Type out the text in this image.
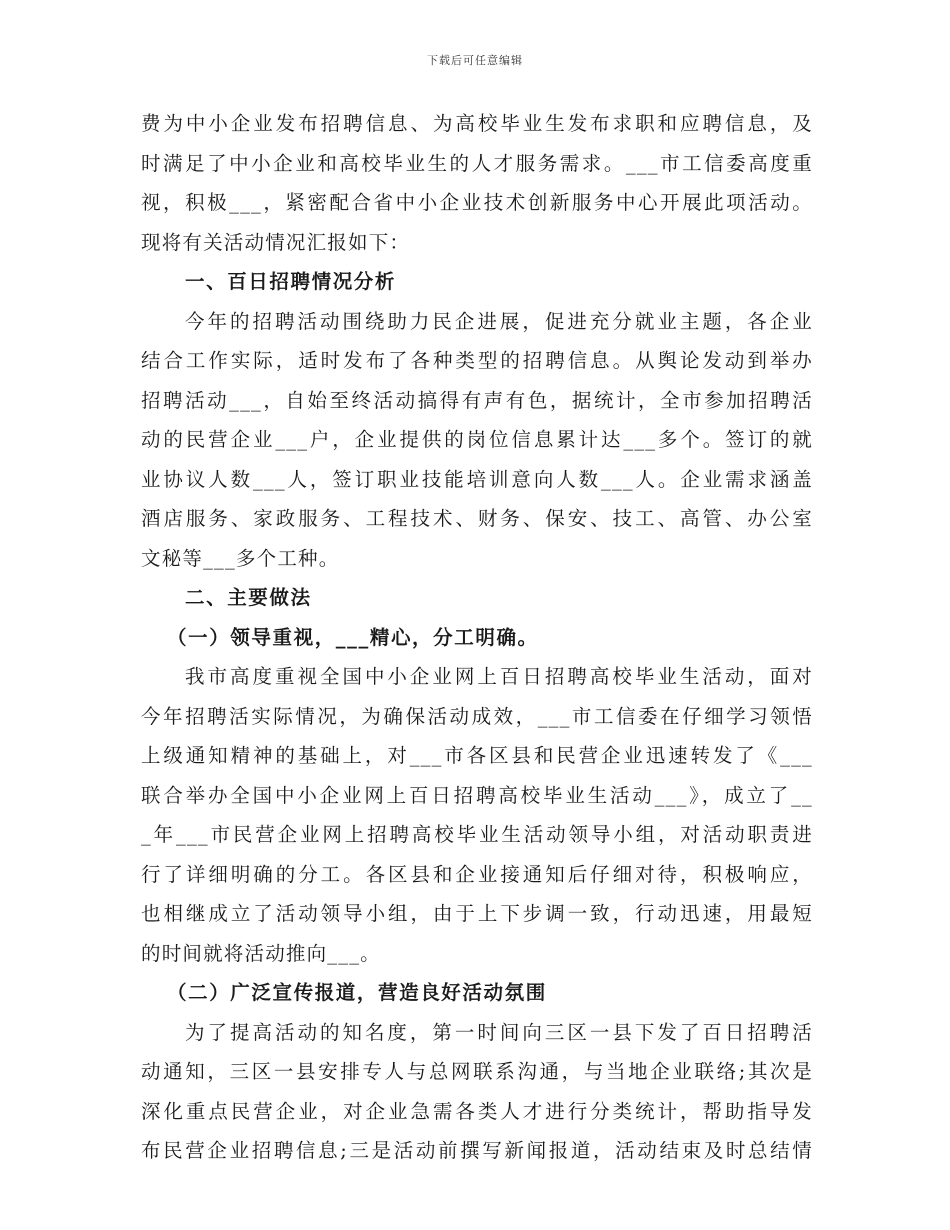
下载后可任意编辑
费为中小企业发布招聘信息、为高校毕业生发布求职和应聘信息，及
时满足了中小企业和高校毕业生的人才服务需求。___市工信委高度重
视，积极___，紧密配合省中小企业技术创新服务中心开展此项活动。
现将有关活动情况汇报如下：
一、百日招聘情况分析
今年的招聘活动围绕助力民企进展，促进充分就业主题，各企业
结合工作实际，适时发布了各种类型的招聘信息。从舆论发动到举办
招聘活动___，自始至终活动搞得有声有色，据统计，全市参加招聘活
动的民营企业___户，企业提供的岗位信息累计达___多个。签订的就
业协议人数___人，签订职业技能培训意向人数___人。企业需求涵盖
酒店服务、家政服务、工程技术、财务、保安、技工、高管、办公室
文秘等___多个工种。
二、主要做法
（一）领导重视，___精心，分工明确。
我市高度重视全国中小企业网上百日招聘高校毕业生活动，面对
今年招聘活实际情况，为确保活动成效，___市工信委在仔细学习领悟
上级通知精神的基础上，对___市各区县和民营企业迅速转发了《___
联合举办全国中小企业网上百日招聘高校毕业生活动___》，成立了__
_年___市民营企业网上招聘高校毕业生活动领导小组，对活动职责进
行了详细明确的分工。各区县和企业接通知后仔细对待，积极响应，
也相继成立了活动领导小组，由于上下步调一致，行动迅速，用最短
的时间就将活动推向___。
（二）广泛宣传报道，营造良好活动氛围
为了提高活动的知名度，第一时间向三区一县下发了百日招聘活
动通知，三区一县安排专人与总网联系沟通，与当地企业联络;其次是
深化重点民营企业，对企业急需各类人才进行分类统计，帮助指导发
布民营企业招聘信息;三是活动前撰写新闻报道，活动结束及时总结情
